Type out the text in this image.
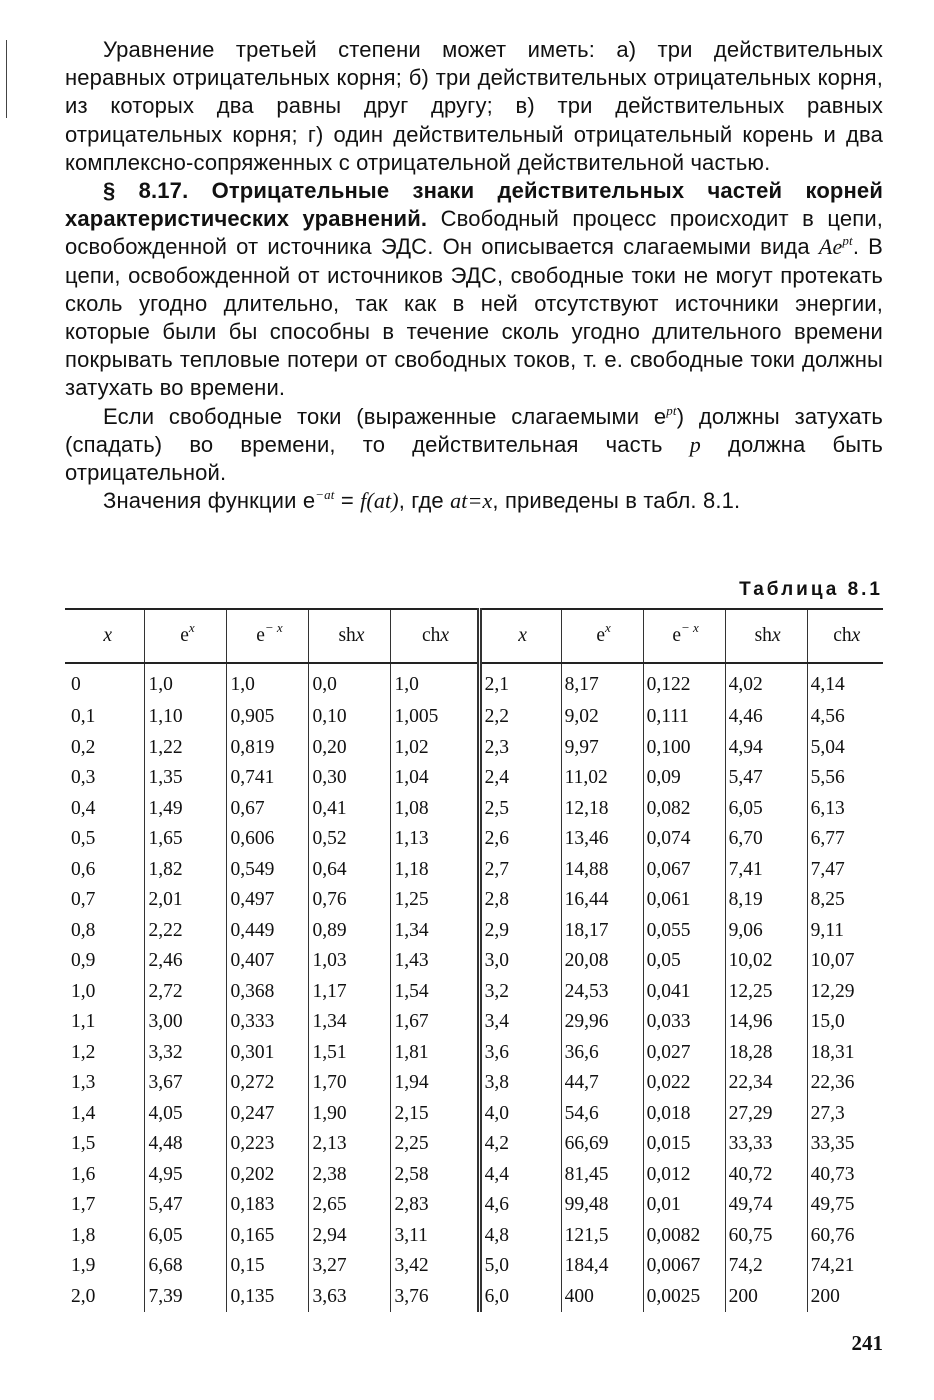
Уравнение третьей степени может иметь: а) три действительных неравных отрицательных корня; б) три действительных отрицательных корня, из которых два равны друг другу; в) три действительных равных отрицательных корня; г) один действительный отрицательный корень и два комплексно-сопряженных с отрицательной действительной частью.

§ 8.17. Отрицательные знаки действительных частей корней характеристических уравнений. Свободный процесс происходит в цепи, освобожденной от источника ЭДС. Он описывается слагаемыми вида $Ae^{pt}$. В цепи, освобожденной от источников ЭДС, свободные токи не могут протекать сколь угодно длительно, так как в ней отсутствуют источники энергии, которые были бы способны в течение сколь угодно длительного времени покрывать тепловые потери от свободных токов, т. е. свободные токи должны затухать во времени.

Если свободные токи (выраженные слагаемыми $e^{pt}$) должны затухать (спадать) во времени, то действительная часть p должна быть отрицательной.

Значения функции $e^{-at} = f(at)$, где at=x, приведены в табл. 8.1.

Таблица 8.1
x	$e^x$	$e^{- x}$	shx	chx	x	$e^x$	$e^{- x}$	shx	chx
0	1,0	1,0	0,0	1,0	2,1	8,17	0,122	4,02	4,14
0,1	1,10	0,905	0,10	1,005	2,2	9,02	0,111	4,46	4,56
0,2	1,22	0,819	0,20	1,02	2,3	9,97	0,100	4,94	5,04
0,3	1,35	0,741	0,30	1,04	2,4	11,02	0,09	5,47	5,56
0,4	1,49	0,67	0,41	1,08	2,5	12,18	0,082	6,05	6,13
0,5	1,65	0,606	0,52	1,13	2,6	13,46	0,074	6,70	6,77
0,6	1,82	0,549	0,64	1,18	2,7	14,88	0,067	7,41	7,47
0,7	2,01	0,497	0,76	1,25	2,8	16,44	0,061	8,19	8,25
0,8	2,22	0,449	0,89	1,34	2,9	18,17	0,055	9,06	9,11
0,9	2,46	0,407	1,03	1,43	3,0	20,08	0,05	10,02	10,07
1,0	2,72	0,368	1,17	1,54	3,2	24,53	0,041	12,25	12,29
1,1	3,00	0,333	1,34	1,67	3,4	29,96	0,033	14,96	15,0
1,2	3,32	0,301	1,51	1,81	3,6	36,6	0,027	18,28	18,31
1,3	3,67	0,272	1,70	1,94	3,8	44,7	0,022	22,34	22,36
1,4	4,05	0,247	1,90	2,15	4,0	54,6	0,018	27,29	27,3
1,5	4,48	0,223	2,13	2,25	4,2	66,69	0,015	33,33	33,35
1,6	4,95	0,202	2,38	2,58	4,4	81,45	0,012	40,72	40,73
1,7	5,47	0,183	2,65	2,83	4,6	99,48	0,01	49,74	49,75
1,8	6,05	0,165	2,94	3,11	4,8	121,5	0,0082	60,75	60,76
1,9	6,68	0,15	3,27	3,42	5,0	184,4	0,0067	74,2	74,21
2,0	7,39	0,135	3,63	3,76	6,0	400	0,0025	200	200
241
